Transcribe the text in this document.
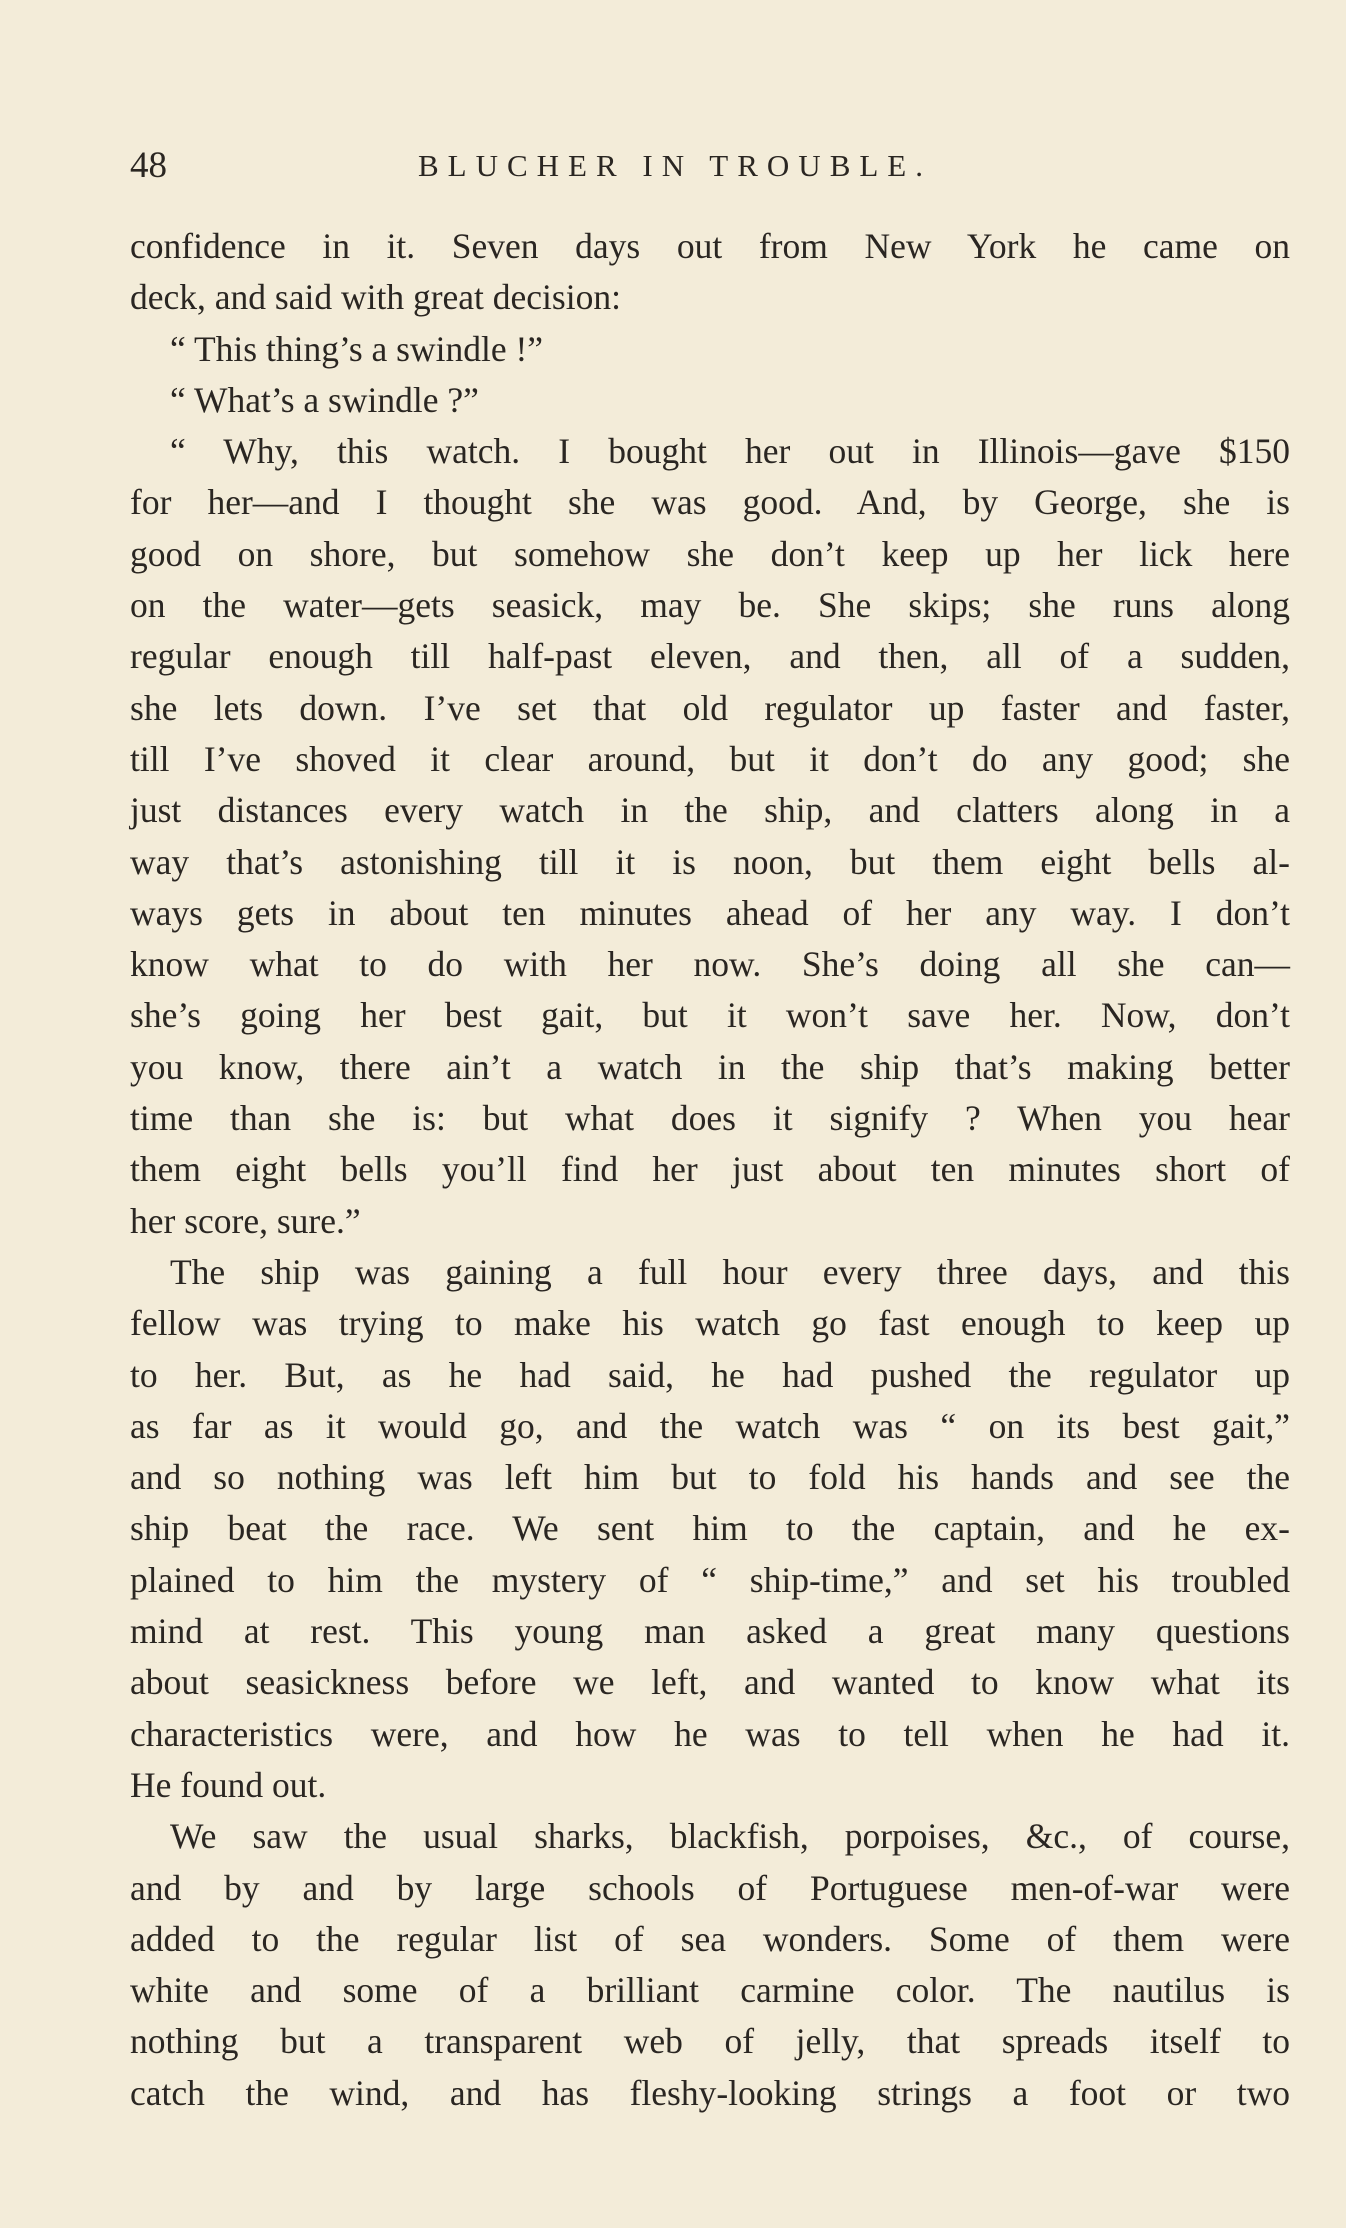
48	BLUCHER IN TROUBLE.
confidence in it. Seven days out from New York he came on
deck, and said with great decision:
“ This thing’s a swindle !”
“ What’s a swindle ?”
“ Why, this watch. I bought her out in Illinois—gave $150
for her—and I thought she was good. And, by George, she is
good on shore, but somehow she don’t keep up her lick here
on the water—gets seasick, may be. She skips; she runs along
regular enough till half-past eleven, and then, all of a sudden,
she lets down. I’ve set that old regulator up faster and faster,
till I’ve shoved it clear around, but it don’t do any good; she
just distances every watch in the ship, and clatters along in a
way that’s astonishing till it is noon, but them eight bells al-
ways gets in about ten minutes ahead of her any way. I don’t
know what to do with her now. She’s doing all she can—
she’s going her best gait, but it won’t save her. Now, don’t
you know, there ain’t a watch in the ship that’s making better
time than she is: but what does it signify ? When you hear
them eight bells you’ll find her just about ten minutes short of
her score, sure.”
The ship was gaining a full hour every three days, and this
fellow was trying to make his watch go fast enough to keep up
to her. But, as he had said, he had pushed the regulator up
as far as it would go, and the watch was “ on its best gait,”
and so nothing was left him but to fold his hands and see the
ship beat the race. We sent him to the captain, and he ex-
plained to him the mystery of “ ship-time,” and set his troubled
mind at rest. This young man asked a great many questions
about seasickness before we left, and wanted to know what its
characteristics were, and how he was to tell when he had it.
He found out.
We saw the usual sharks, blackfish, porpoises, &c., of course,
and by and by large schools of Portuguese men-of-war were
added to the regular list of sea wonders. Some of them were
white and some of a brilliant carmine color. The nautilus is
nothing but a transparent web of jelly, that spreads itself to
catch the wind, and has fleshy-looking strings a foot or two
